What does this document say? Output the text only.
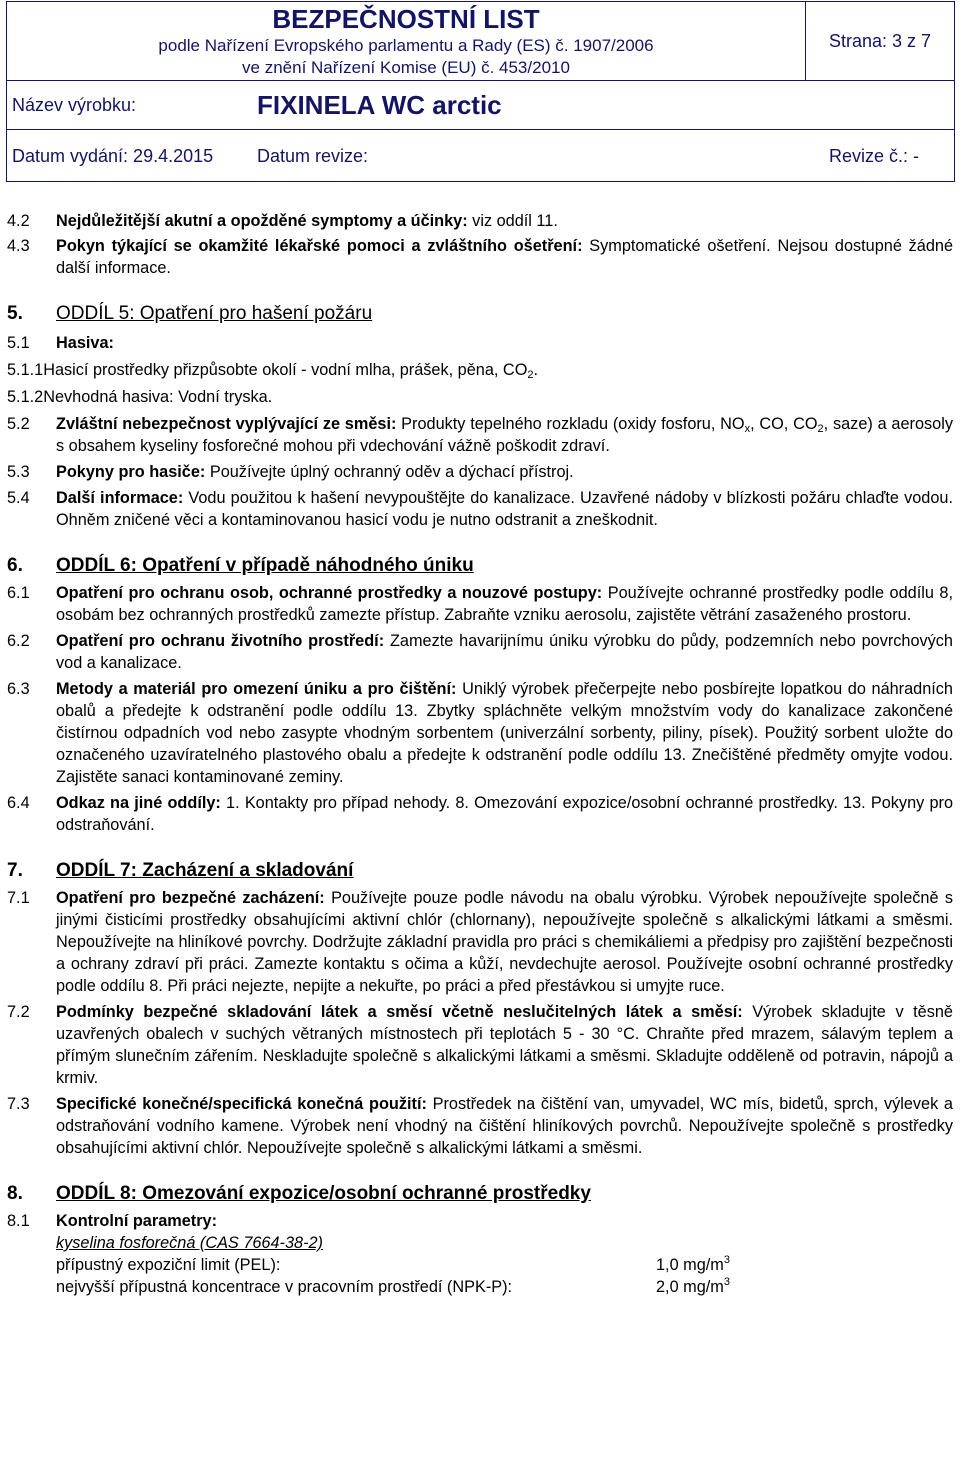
BEZPEČNOSTNÍ LIST
podle Nařízení Evropského parlamentu a Rady (ES) č. 1907/2006
ve znění Nařízení Komise (EU) č. 453/2010
Strana: 3 z 7
Název výrobku:	FIXINELA WC arctic
Datum vydání: 29.4.2015 Datum revize:	Revize č.: -
4.2	Nejdůležitější akutní a opožděné symptomy a účinky: viz oddíl 11.
4.3	Pokyn týkající se okamžité lékařské pomoci a zvláštního ošetření: Symptomatické ošetření. Nejsou dostupné žádné další informace.
5.	ODDÍL 5: Opatření pro hašení požáru
5.1	Hasiva:
5.1.1 Hasicí prostředky přizpůsobte okolí - vodní mlha, prášek, pěna, $CO_2$.
5.1.2 Nevhodná hasiva: Vodní tryska.
5.2	Zvláštní nebezpečnost vyplývající ze směsi: Produkty tepelného rozkladu (oxidy fosforu, $NO_x$, CO, $CO_2$, saze) a aerosoly s obsahem kyseliny fosforečné mohou při vdechování vážně poškodit zdraví.
5.3	Pokyny pro hasiče: Používejte úplný ochranný oděv a dýchací přístroj.
5.4	Další informace: Vodu použitou k hašení nevypouštějte do kanalizace. Uzavřené nádoby v blízkosti požáru chlaďte vodou. Ohněm zničené věci a kontaminovanou hasicí vodu je nutno odstranit a zneškodnit.
6.	ODDÍL 6: Opatření v případě náhodného úniku
6.1	Opatření pro ochranu osob, ochranné prostředky a nouzové postupy: Používejte ochranné prostředky podle oddílu 8, osobám bez ochranných prostředků zamezte přístup. Zabraňte vzniku aerosolu, zajistěte větrání zasaženého prostoru.
6.2	Opatření pro ochranu životního prostředí: Zamezte havarijnímu úniku výrobku do půdy, podzemních nebo povrchových vod a kanalizace.
6.3	Metody a materiál pro omezení úniku a pro čištění: Uniklý výrobek přečerpejte nebo posbírejte lopatkou do náhradních obalů a předejte k odstranění podle oddílu 13. Zbytky spláchněte velkým množstvím vody do kanalizace zakončené čistírnou odpadních vod nebo zasypte vhodným sorbentem (univerzální sorbenty, piliny, písek). Použitý sorbent uložte do označeného uzavíratelného plastového obalu a předejte k odstranění podle oddílu 13. Znečištěné předměty omyjte vodou. Zajistěte sanaci kontaminované zeminy.
6.4	Odkaz na jiné oddíly: 1. Kontakty pro případ nehody. 8. Omezování expozice/osobní ochranné prostředky. 13. Pokyny pro odstraňování.
7.	ODDÍL 7: Zacházení a skladování
7.1	Opatření pro bezpečné zacházení: Používejte pouze podle návodu na obalu výrobku. Výrobek nepoužívejte společně s jinými čisticími prostředky obsahujícími aktivní chlór (chlornany), nepoužívejte společně s alkalickými látkami a směsmi. Nepoužívejte na hliníkové povrchy. Dodržujte základní pravidla pro práci s chemikáliemi a předpisy pro zajištění bezpečnosti a ochrany zdraví při práci. Zamezte kontaktu s očima a kůží, nevdechujte aerosol. Používejte osobní ochranné prostředky podle oddílu 8. Při práci nejezte, nepijte a nekuřte, po práci a před přestávkou si umyjte ruce.
7.2	Podmínky bezpečné skladování látek a směsí včetně neslučitelných látek a směsí: Výrobek skladujte v těsně uzavřených obalech v suchých větraných místnostech při teplotách 5 - 30 °C. Chraňte před mrazem, sálavým teplem a přímým slunečním zářením. Neskladujte společně s alkalickými látkami a směsmi. Skladujte odděleně od potravin, nápojů a krmiv.
7.3	Specifické konečné/specifická konečná použití: Prostředek na čištění van, umyvadel, WC mís, bidetů, sprch, výlevek a odstraňování vodního kamene. Výrobek není vhodný na čištění hliníkových povrchů. Nepoužívejte společně s prostředky obsahujícími aktivní chlór. Nepoužívejte společně s alkalickými látkami a směsmi.
8.	ODDÍL 8: Omezování expozice/osobní ochranné prostředky
8.1	Kontrolní parametry:
kyselina fosforečná (CAS 7664-38-2)
přípustný expoziční limit (PEL):	1,0 $mg/m^3$
nejvyšší přípustná koncentrace v pracovním prostředí (NPK-P):	2,0 $mg/m^3$
